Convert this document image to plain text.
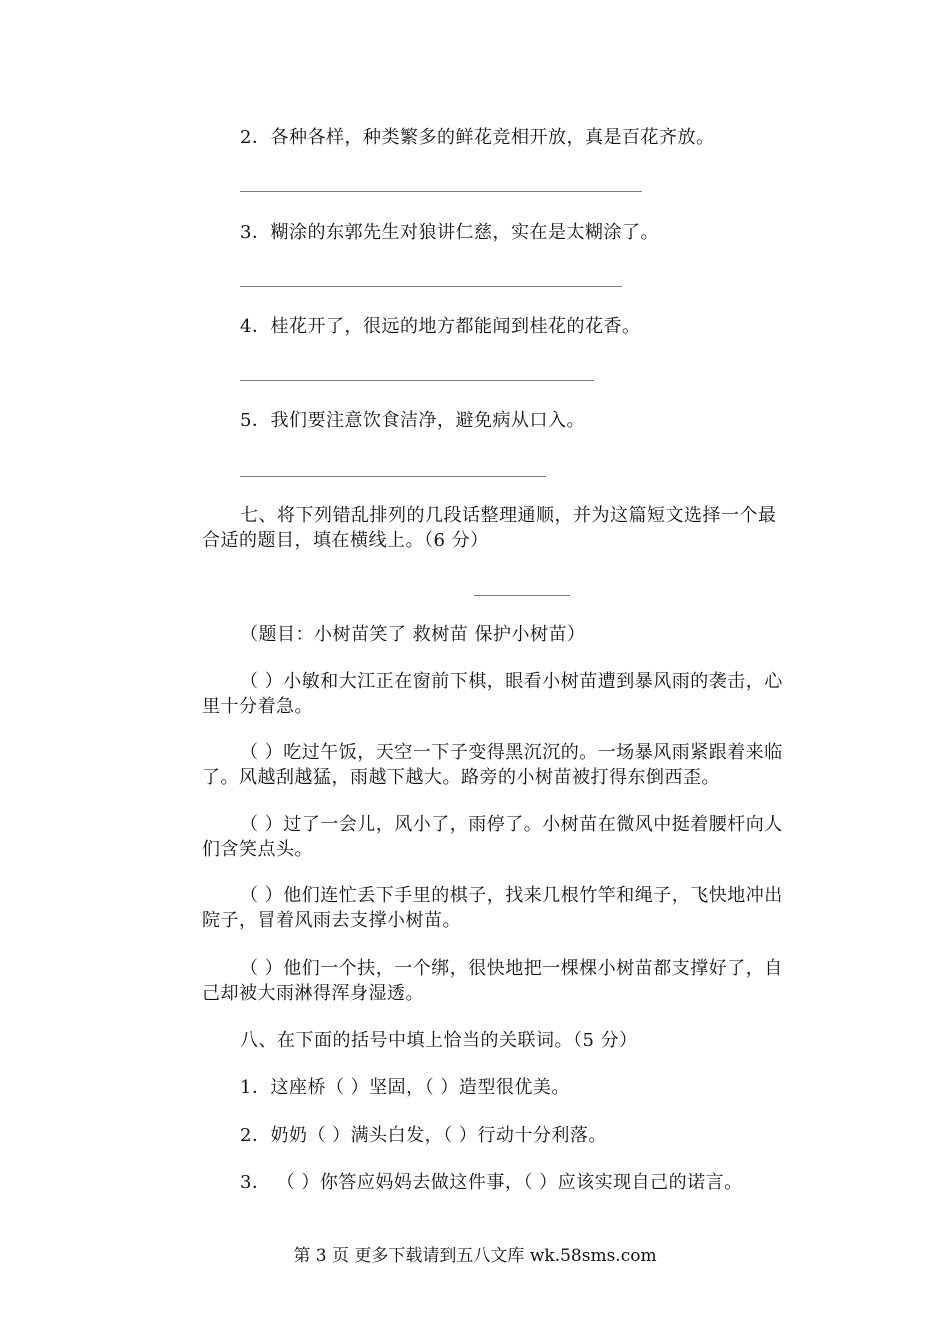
2．各种各样，种类繁多的鲜花竞相开放，真是百花齐放。
3．糊涂的东郭先生对狼讲仁慈，实在是太糊涂了。
4．桂花开了，很远的地方都能闻到桂花的花香。
5．我们要注意饮食洁净，避免病从口入。
七、将下列错乱排列的几段话整理通顺，并为这篇短文选择一个最
合适的题目，填在横线上。（6 分）
（题目：小树苗笑了 救树苗 保护小树苗）
（ ）小敏和大江正在窗前下棋，眼看小树苗遭到暴风雨的袭击，心
里十分着急。
（ ）吃过午饭，天空一下子变得黑沉沉的。一场暴风雨紧跟着来临
了。风越刮越猛，雨越下越大。路旁的小树苗被打得东倒西歪。
（ ）过了一会儿，风小了，雨停了。小树苗在微风中挺着腰杆向人
们含笑点头。
（ ）他们连忙丢下手里的棋子，找来几根竹竿和绳子，飞快地冲出
院子，冒着风雨去支撑小树苗。
（ ）他们一个扶，一个绑，很快地把一棵棵小树苗都支撑好了，自
己却被大雨淋得浑身湿透。
八、在下面的括号中填上恰当的关联词。（5 分）
1．这座桥（ ）坚固，（ ）造型很优美。
2．奶奶（ ）满头白发，（ ）行动十分利落。
3． （ ）你答应妈妈去做这件事，（ ）应该实现自己的诺言。
第 3 页 更多下载请到五八文库 wk.58sms.com
